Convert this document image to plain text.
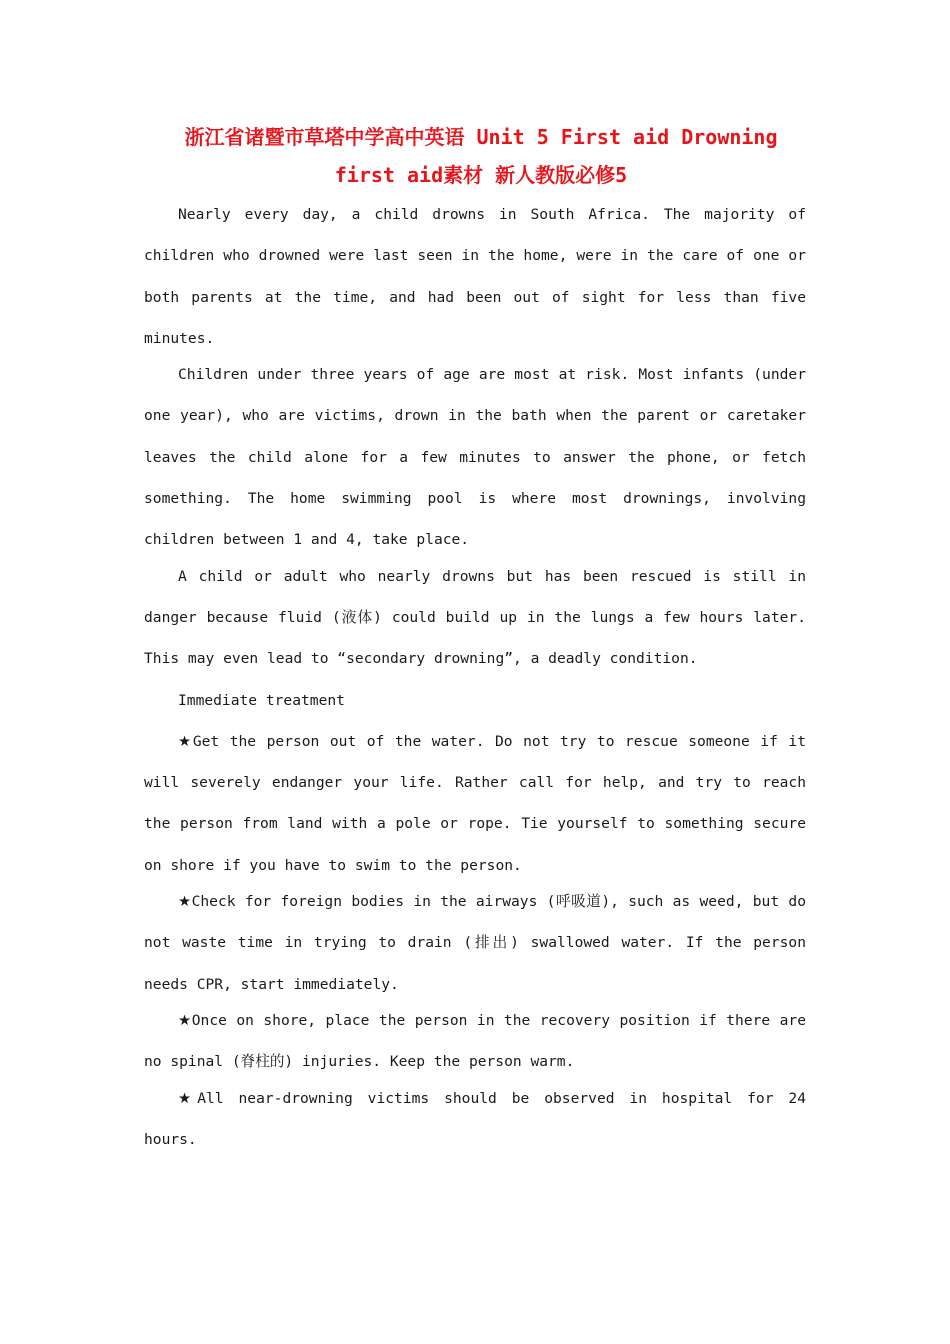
浙江省诸暨市草塔中学高中英语 Unit 5 First aid Drowning
first aid素材 新人教版必修5

Nearly every day, a child drowns in South Africa. The majority of children who drowned were last seen in the home, were in the care of one or both parents at the time, and had been out of sight for less than five minutes.

Children under three years of age are most at risk. Most infants (under one year), who are victims, drown in the bath when the parent or caretaker leaves the child alone for a few minutes to answer the phone, or fetch something. The home swimming pool is where most drownings, involving children between 1 and 4, take place.

A child or adult who nearly drowns but has been rescued is still in danger because fluid (液体) could build up in the lungs a few hours later. This may even lead to “secondary drowning”, a deadly condition.

Immediate treatment

★Get the person out of the water. Do not try to rescue someone if it will severely endanger your life. Rather call for help, and try to reach the person from land with a pole or rope. Tie yourself to something secure on shore if you have to swim to the person.

★Check for foreign bodies in the airways (呼吸道), such as weed, but do not waste time in trying to drain (排出) swallowed water. If the person needs CPR, start immediately.

★Once on shore, place the person in the recovery position if there are no spinal (脊柱的) injuries. Keep the person warm.

★All near-drowning victims should be observed in hospital for 24 hours.
